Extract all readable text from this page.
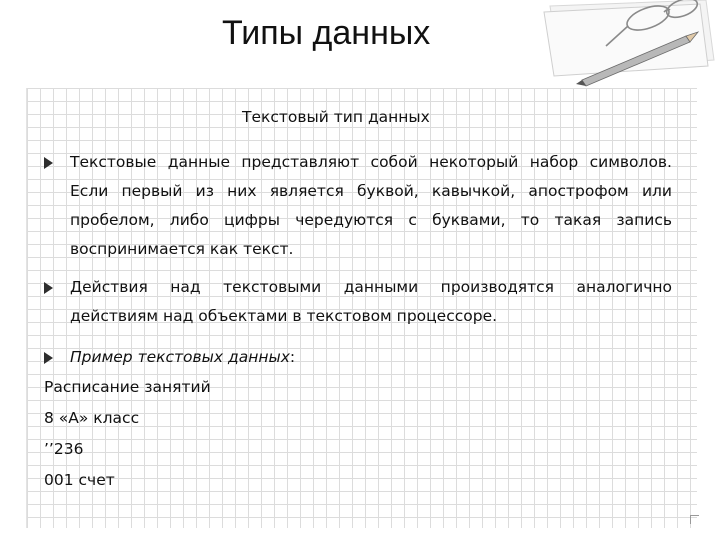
Типы данных
Текстовый тип данных
Текстовые данные представляют собой некоторый набор символов. Если первый из них является буквой, кавычкой, апострофом или пробелом, либо цифры чередуются с буквами, то такая запись воспринимается как текст.
Действия над текстовыми данными производятся аналогично действиям над объектами в текстовом процессоре.
Пример текстовых данных:
Расписание занятий
8 «А» класс
’’236
001 счет
